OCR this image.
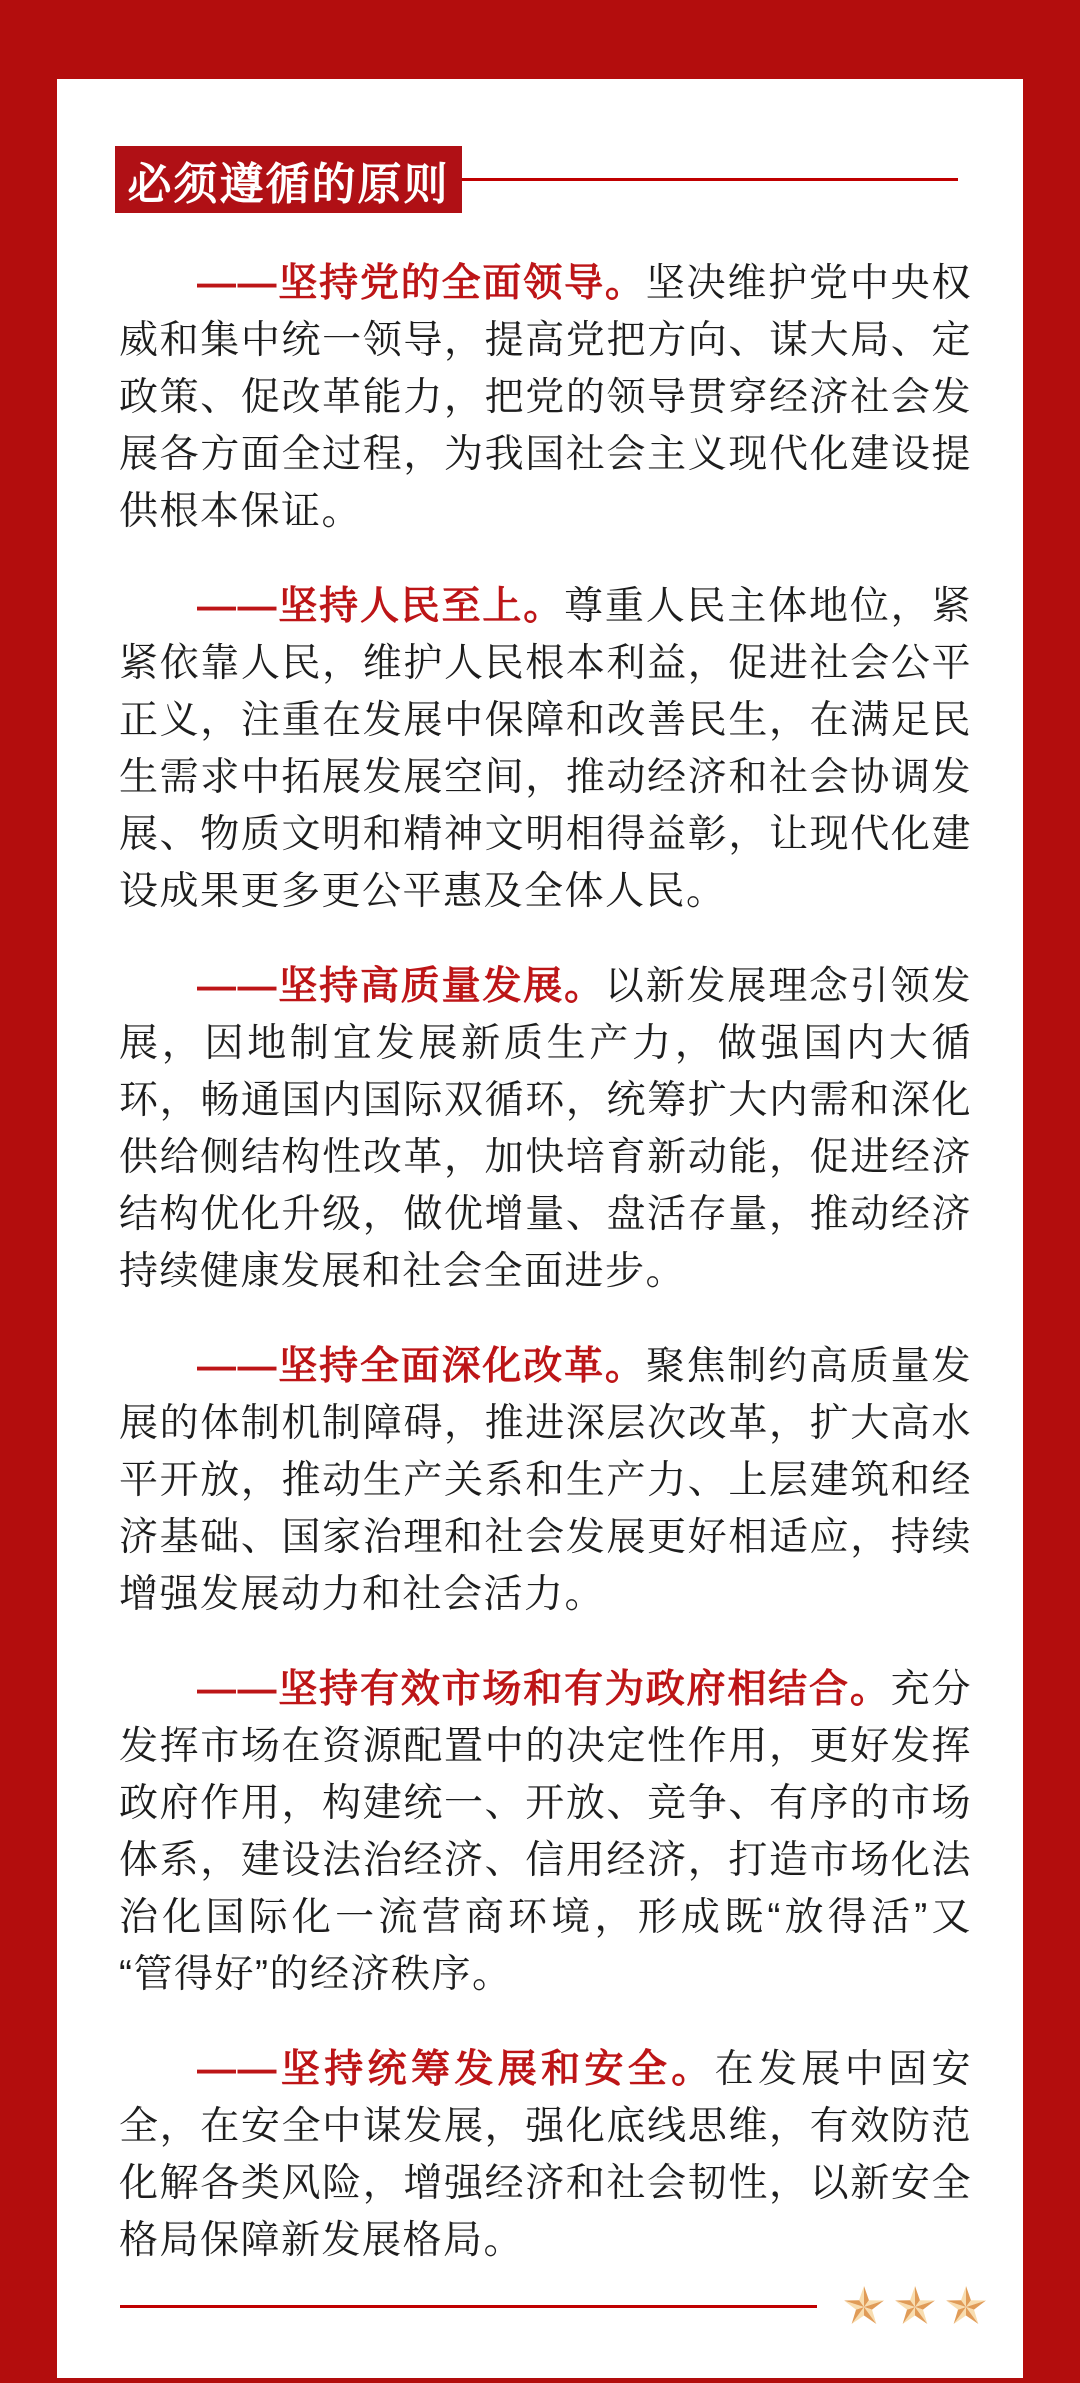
必须遵循的原则

——坚持党的全面领导。坚决维护党中央权威和集中统一领导，提高党把方向、谋大局、定政策、促改革能力，把党的领导贯穿经济社会发展各方面全过程，为我国社会主义现代化建设提供根本保证。

——坚持人民至上。尊重人民主体地位，紧紧依靠人民，维护人民根本利益，促进社会公平正义，注重在发展中保障和改善民生，在满足民生需求中拓展发展空间，推动经济和社会协调发展、物质文明和精神文明相得益彰，让现代化建设成果更多更公平惠及全体人民。

——坚持高质量发展。以新发展理念引领发展，因地制宜发展新质生产力，做强国内大循环，畅通国内国际双循环，统筹扩大内需和深化供给侧结构性改革，加快培育新动能，促进经济结构优化升级，做优增量、盘活存量，推动经济持续健康发展和社会全面进步。

——坚持全面深化改革。聚焦制约高质量发展的体制机制障碍，推进深层次改革，扩大高水平开放，推动生产关系和生产力、上层建筑和经济基础、国家治理和社会发展更好相适应，持续增强发展动力和社会活力。

——坚持有效市场和有为政府相结合。充分发挥市场在资源配置中的决定性作用，更好发挥政府作用，构建统一、开放、竞争、有序的市场体系，建设法治经济、信用经济，打造市场化法治化国际化一流营商环境，形成既“放得活”又“管得好”的经济秩序。

——坚持统筹发展和安全。在发展中固安全，在安全中谋发展，强化底线思维，有效防范化解各类风险，增强经济和社会韧性，以新安全格局保障新发展格局。
